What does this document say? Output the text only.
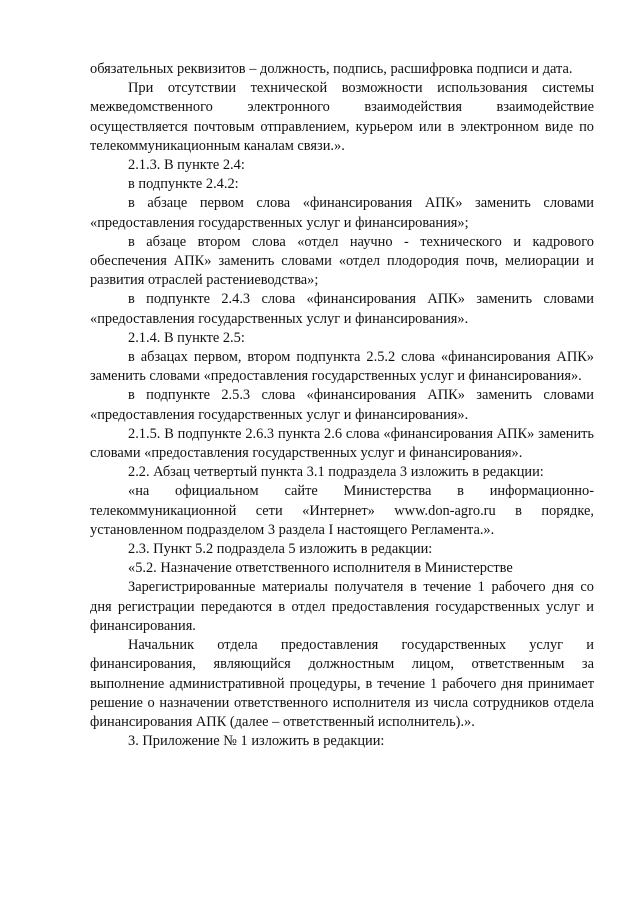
обязательных реквизитов – должность, подпись, расшифровка подписи и дата.

При отсутствии технической возможности использования системы межведомственного электронного взаимодействия взаимодействие осуществляется почтовым отправлением, курьером или в электронном виде по телекоммуникационным каналам связи.».

2.1.3. В пункте 2.4:

в подпункте 2.4.2:

в абзаце первом слова «финансирования АПК» заменить словами «предоставления государственных услуг и финансирования»;

в абзаце втором слова «отдел научно - технического и кадрового обеспечения АПК» заменить словами «отдел плодородия почв, мелиорации и развития отраслей растениеводства»;

в подпункте 2.4.3 слова «финансирования АПК» заменить словами «предоставления государственных услуг и финансирования».

2.1.4. В пункте 2.5:

в абзацах первом, втором подпункта 2.5.2 слова «финансирования АПК» заменить словами «предоставления государственных услуг и финансирования».

в подпункте 2.5.3 слова «финансирования АПК» заменить словами «предоставления государственных услуг и финансирования».

2.1.5. В подпункте 2.6.3 пункта 2.6 слова «финансирования АПК» заменить словами «предоставления государственных услуг и финансирования».

2.2. Абзац четвертый пункта 3.1 подраздела 3 изложить в редакции:

«на официальном сайте Министерства в информационно-телекоммуникационной сети «Интернет» www.don-agro.ru в порядке, установленном подразделом 3 раздела I настоящего Регламента.».

2.3. Пункт 5.2 подраздела 5 изложить в редакции:

«5.2. Назначение ответственного исполнителя в Министерстве

Зарегистрированные материалы получателя в течение 1 рабочего дня со дня регистрации передаются в отдел предоставления государственных услуг и финансирования.

Начальник отдела предоставления государственных услуг и финансирования, являющийся должностным лицом, ответственным за выполнение административной процедуры, в течение 1 рабочего дня принимает решение о назначении ответственного исполнителя из числа сотрудников отдела финансирования АПК (далее – ответственный исполнитель).».

3. Приложение № 1 изложить в редакции:
